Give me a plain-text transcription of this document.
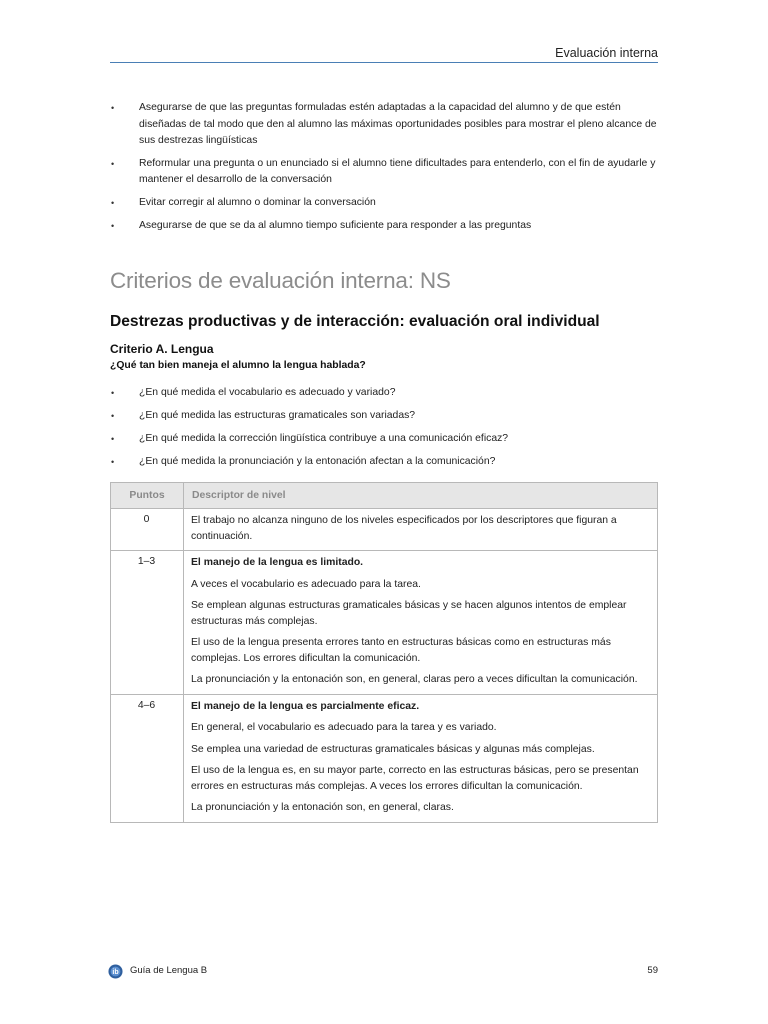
Evaluación interna
• Asegurarse de que las preguntas formuladas estén adaptadas a la capacidad del alumno y de que estén diseñadas de tal modo que den al alumno las máximas oportunidades posibles para mostrar el pleno alcance de sus destrezas lingüísticas
• Reformular una pregunta o un enunciado si el alumno tiene dificultades para entenderlo, con el fin de ayudarle y mantener el desarrollo de la conversación
• Evitar corregir al alumno o dominar la conversación
• Asegurarse de que se da al alumno tiempo suficiente para responder a las preguntas
Criterios de evaluación interna: NS
Destrezas productivas y de interacción: evaluación oral individual
Criterio A. Lengua

¿Qué tan bien maneja el alumno la lengua hablada?

• ¿En qué medida el vocabulario es adecuado y variado?
• ¿En qué medida las estructuras gramaticales son variadas?
• ¿En qué medida la corrección lingüística contribuye a una comunicación eficaz?
• ¿En qué medida la pronunciación y la entonación afectan a la comunicación?
Puntos	Descriptor de nivel
0	El trabajo no alcanza ninguno de los niveles especificados por los descriptores que figuran a continuación.

1–3	El manejo de la lengua es limitado.

A veces el vocabulario es adecuado para la tarea.

Se emplean algunas estructuras gramaticales básicas y se hacen algunos intentos de emplear estructuras más complejas.

El uso de la lengua presenta errores tanto en estructuras básicas como en estructuras más complejas. Los errores dificultan la comunicación.

La pronunciación y la entonación son, en general, claras pero a veces dificultan la comunicación.

4–6	El manejo de la lengua es parcialmente eficaz.

En general, el vocabulario es adecuado para la tarea y es variado.

Se emplea una variedad de estructuras gramaticales básicas y algunas más complejas.

El uso de la lengua es, en su mayor parte, correcto en las estructuras básicas, pero se presentan errores en estructuras más complejas. A veces los errores dificultan la comunicación.

La pronunciación y la entonación son, en general, claras.

ib Guía de Lengua B	59
